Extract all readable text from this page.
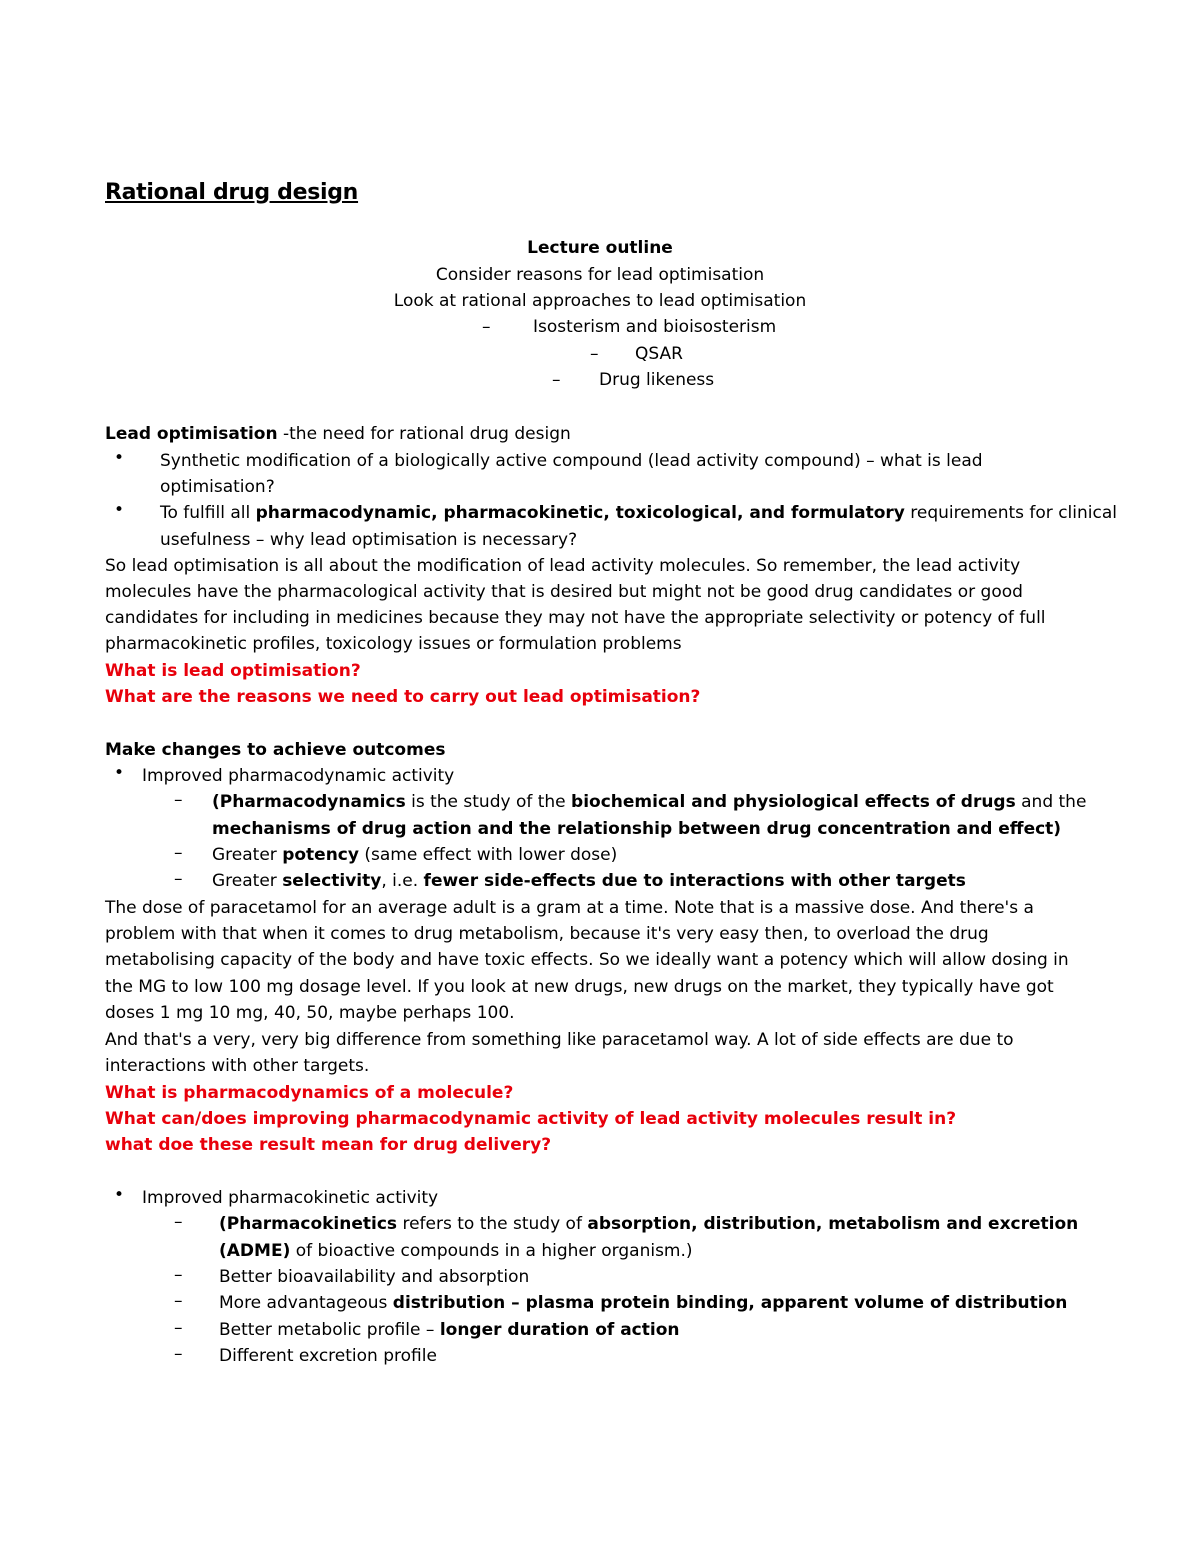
Rational drug design
Lecture outline
Consider reasons for lead optimisation
Look at rational approaches to lead optimisation
–	Isosterism and bioisosterism
– QSAR
– Drug likeness
Lead optimisation -the need for rational drug design
• Synthetic modification of a biologically active compound (lead activity compound) – what is lead
optimisation?
• To fulfill all pharmacodynamic, pharmacokinetic, toxicological, and formulatory requirements for clinical
usefulness – why lead optimisation is necessary?
So lead optimisation is all about the modification of lead activity molecules. So remember, the lead activity
molecules have the pharmacological activity that is desired but might not be good drug candidates or good
candidates for including in medicines because they may not have the appropriate selectivity or potency of full
pharmacokinetic profiles, toxicology issues or formulation problems
What is lead optimisation?
What are the reasons we need to carry out lead optimisation?
Make changes to achieve outcomes
• Improved pharmacodynamic activity
– (Pharmacodynamics is the study of the biochemical and physiological effects of drugs and the
mechanisms of drug action and the relationship between drug concentration and effect)
– Greater potency (same effect with lower dose)
– Greater selectivity, i.e. fewer side-effects due to interactions with other targets
The dose of paracetamol for an average adult is a gram at a time. Note that is a massive dose. And there's a
problem with that when it comes to drug metabolism, because it's very easy then, to overload the drug
metabolising capacity of the body and have toxic effects. So we ideally want a potency which will allow dosing in
the MG to low 100 mg dosage level. If you look at new drugs, new drugs on the market, they typically have got
doses 1 mg 10 mg, 40, 50, maybe perhaps 100.
And that's a very, very big difference from something like paracetamol way. A lot of side effects are due to
interactions with other targets.
What is pharmacodynamics of a molecule?
What can/does improving pharmacodynamic activity of lead activity molecules result in?
what doe these result mean for drug delivery?
• Improved pharmacokinetic activity
– (Pharmacokinetics refers to the study of absorption, distribution, metabolism and excretion
(ADME) of bioactive compounds in a higher organism.)
– Better bioavailability and absorption
– More advantageous distribution – plasma protein binding, apparent volume of distribution
– Better metabolic profile – longer duration of action
– Different excretion profile
